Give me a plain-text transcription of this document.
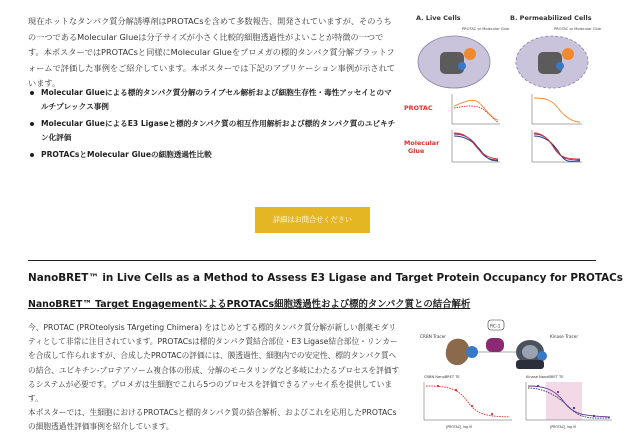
現在ホットなタンパク質分解誘導剤はPROTACsを含めて多数報告、開発されていますが、そのうちの一つであるMolecular Glueは分子サイズが小さく比較的細胞透過性がよいことが特徴の一つです。本ポスターではPROTACsと同様にMolecular Glueをプロメガの標的タンパク質分解プラットフォームで評価した事例をご紹介しています。本ポスターでは下記のアプリケーション事例が示されています。

Molecular Glueによる標的タンパク質分解のライブセル解析および細胞生存性・毒性アッセイとのマルチプレックス事例
Molecular GlueによるE3 Ligaseと標的タンパク質の相互作用解析および標的タンパク質のユビキチン化評価
PROTACsとMolecular Glueの細胞透過性比較
A. Live Cells	B. Permeabilized Cells
PROTAC or Molecular Glue	PROTAC or Molecular Glue
PROTAC
Molecular
Glue
詳細はお問合せください
NanoBRET™ in Live Cells as a Method to Assess E3 Ligase and Target Protein Occupancy for PROTACs
NanoBRET™ Target EngagementによるPROTACs細胞透過性および標的タンパク質との結合解析

今、PROTAC (PROteolysis TArgeting Chimera) をはじめとする標的タンパク質分解が新しい創薬モダリティとして非常に注目されています。PROTACsは標的タンパク質結合部位・E3 Ligase結合部位・リンカーを合成して作られますが、合成したPROTACの評価には、膜透過性、細胞内での安定性、標的タンパク質への結合、ユビキチン-プロテアソーム複合体の形成、分解のモニタリングなど多岐にわたるプロセスを評価するシステムが必要です。プロメガは生細胞でこれら5つのプロセスを評価できるアッセイ系を提供しています。
本ポスターでは、生細胞におけるPROTACsと標的タンパク質の結合解析、およびこれを応用したPROTACsの細胞透過性評価事例を紹介しています。

CRBN Tracer	Kinase Tracer
RC-1
CRBN NanoBRET TE
[PROTAC], log M
Kinase NanoBRET TE
[PROTAC], log M
